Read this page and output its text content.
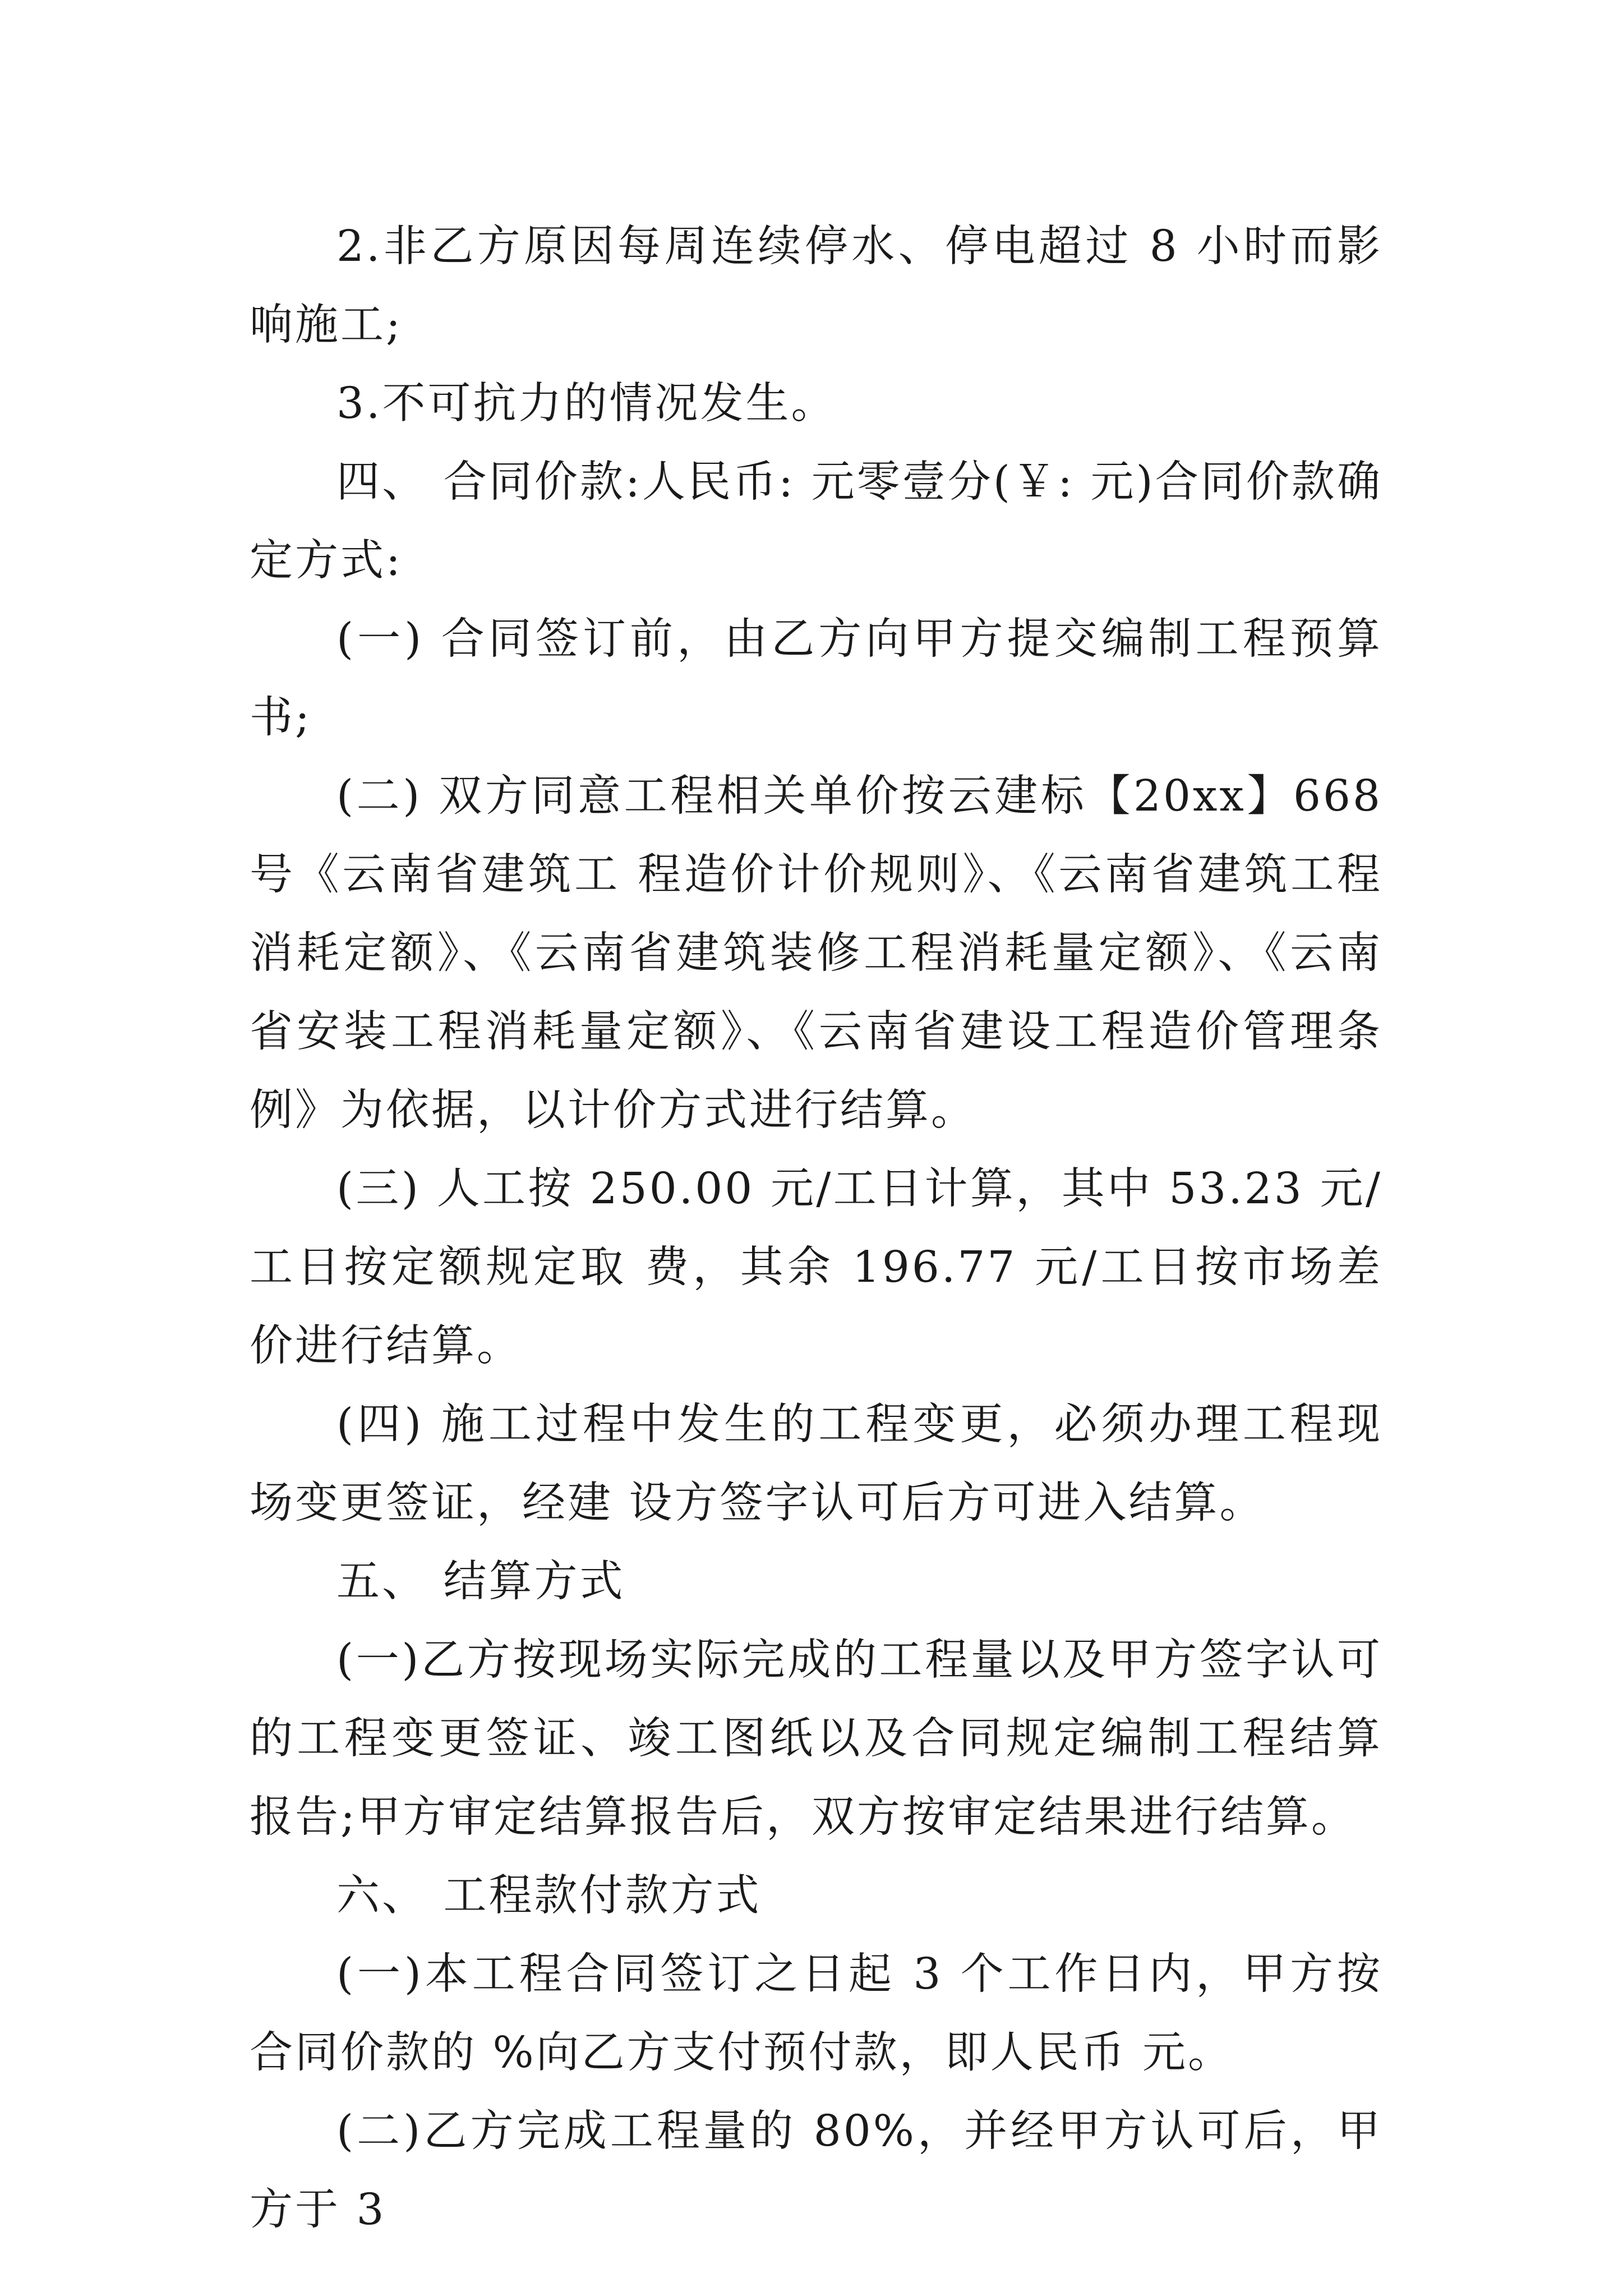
2.非乙方原因每周连续停水、停电超过 8 小时而影响施工;

3.不可抗力的情况发生。

四、 合同价款:人民币: 元零壹分(￥: 元)合同价款确定方式:

(一) 合同签订前，由乙方向甲方提交编制工程预算书;

(二) 双方同意工程相关单价按云建标【20xx】668 号《云南省建筑工 程造价计价规则》、《云南省建筑工程消耗定额》、《云南省建筑装修工程消耗量定额》、《云南省安装工程消耗量定额》、《云南省建设工程造价管理条例》为依据，以计价方式进行结算。

(三) 人工按 250.00 元/工日计算，其中 53.23 元/工日按定额规定取 费，其余 196.77 元/工日按市场差价进行结算。

(四) 施工过程中发生的工程变更，必须办理工程现场变更签证，经建 设方签字认可后方可进入结算。

五、 结算方式

(一)乙方按现场实际完成的工程量以及甲方签字认可的工程变更签证、竣工图纸以及合同规定编制工程结算报告;甲方审定结算报告后，双方按审定结果进行结算。

六、 工程款付款方式

(一)本工程合同签订之日起 3 个工作日内，甲方按合同价款的 %向乙方支付预付款，即人民币 元。

(二)乙方完成工程量的 80%，并经甲方认可后，甲方于 3
